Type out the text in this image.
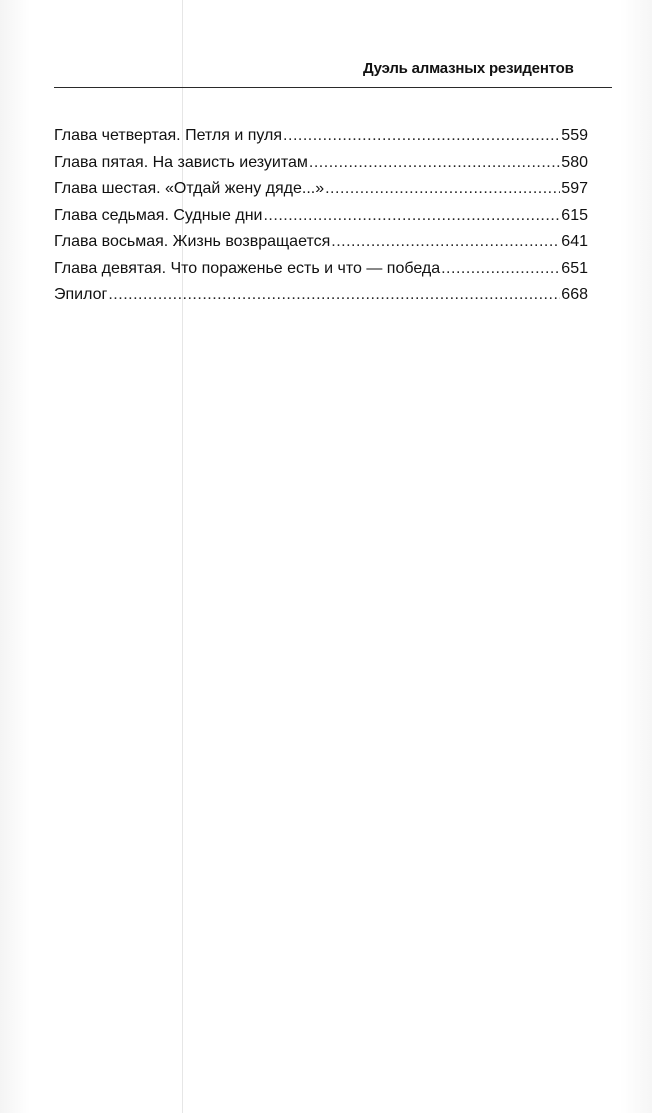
Дуэль алмазных резидентов
Глава четвертая. Петля и пуля .....	559
Глава пятая. На зависть иезуитам .....	580
Глава шестая. «Отдай жену дяде...» .....	597
Глава седьмая. Судные дни .....	615
Глава восьмая. Жизнь возвращается .....	641
Глава девятая. Что пораженье есть и что — победа .....	651
Эпилог .....	668
